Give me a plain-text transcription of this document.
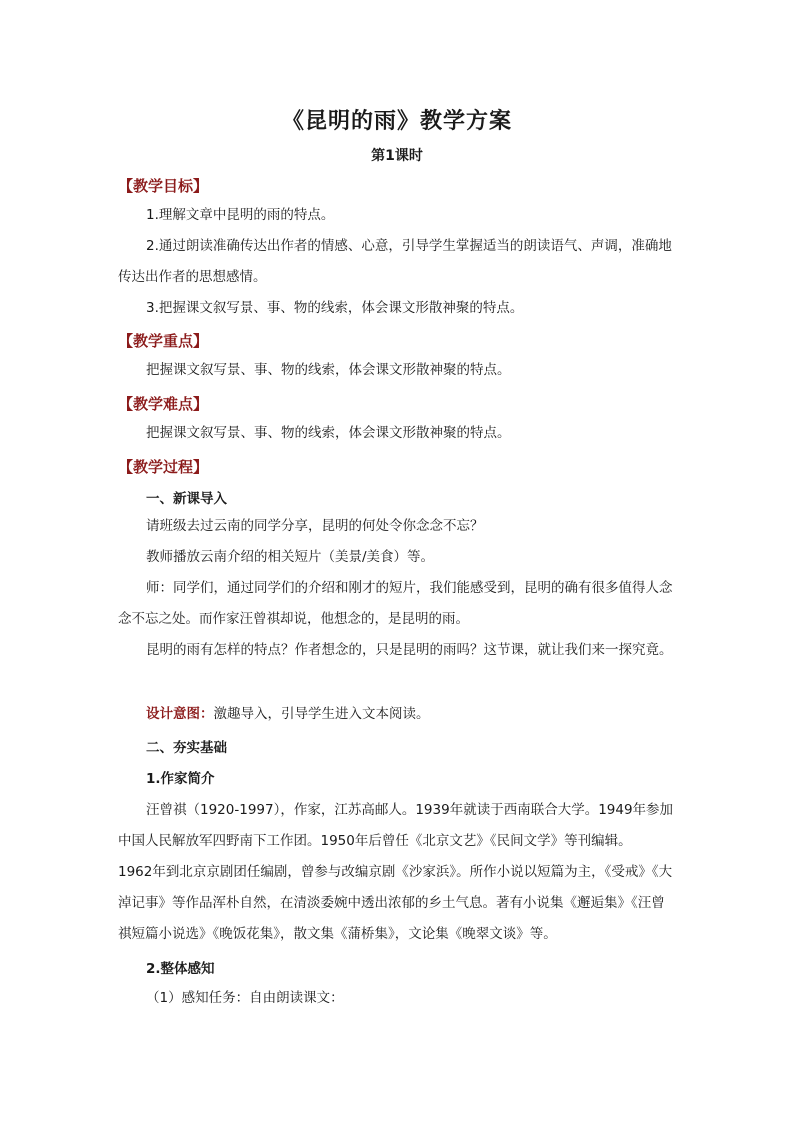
《昆明的雨》教学方案
第1课时
【教学目标】

1.理解文章中昆明的雨的特点。

2.通过朗读准确传达出作者的情感、心意，引导学生掌握适当的朗读语气、声调，准确地传达出作者的思想感情。

3.把握课文叙写景、事、物的线索，体会课文形散神聚的特点。

【教学重点】

把握课文叙写景、事、物的线索，体会课文形散神聚的特点。

【教学难点】

把握课文叙写景、事、物的线索，体会课文形散神聚的特点。

【教学过程】
一、新课导入

请班级去过云南的同学分享，昆明的何处令你念念不忘？

教师播放云南介绍的相关短片（美景/美食）等。

师：同学们，通过同学们的介绍和刚才的短片，我们能感受到，昆明的确有很多值得人念念不忘之处。而作家汪曾祺却说，他想念的，是昆明的雨。

昆明的雨有怎样的特点？作者想念的，只是昆明的雨吗？这节课，就让我们来一探究竟。

设计意图：激趣导入，引导学生进入文本阅读。

二、夯实基础
1.作家简介

汪曾祺（1920-1997），作家，江苏高邮人。1939年就读于西南联合大学。1949年参加中国人民解放军四野南下工作团。1950年后曾任《北京文艺》《民间文学》等刊编辑。

1962年到北京京剧团任编剧，曾参与改编京剧《沙家浜》。所作小说以短篇为主，《受戒》《大淖记事》等作品浑朴自然，在清淡委婉中透出浓郁的乡土气息。著有小说集《邂逅集》《汪曾祺短篇小说选》《晚饭花集》，散文集《蒲桥集》，文论集《晚翠文谈》等。

2.整体感知

（1）感知任务：自由朗读课文：
